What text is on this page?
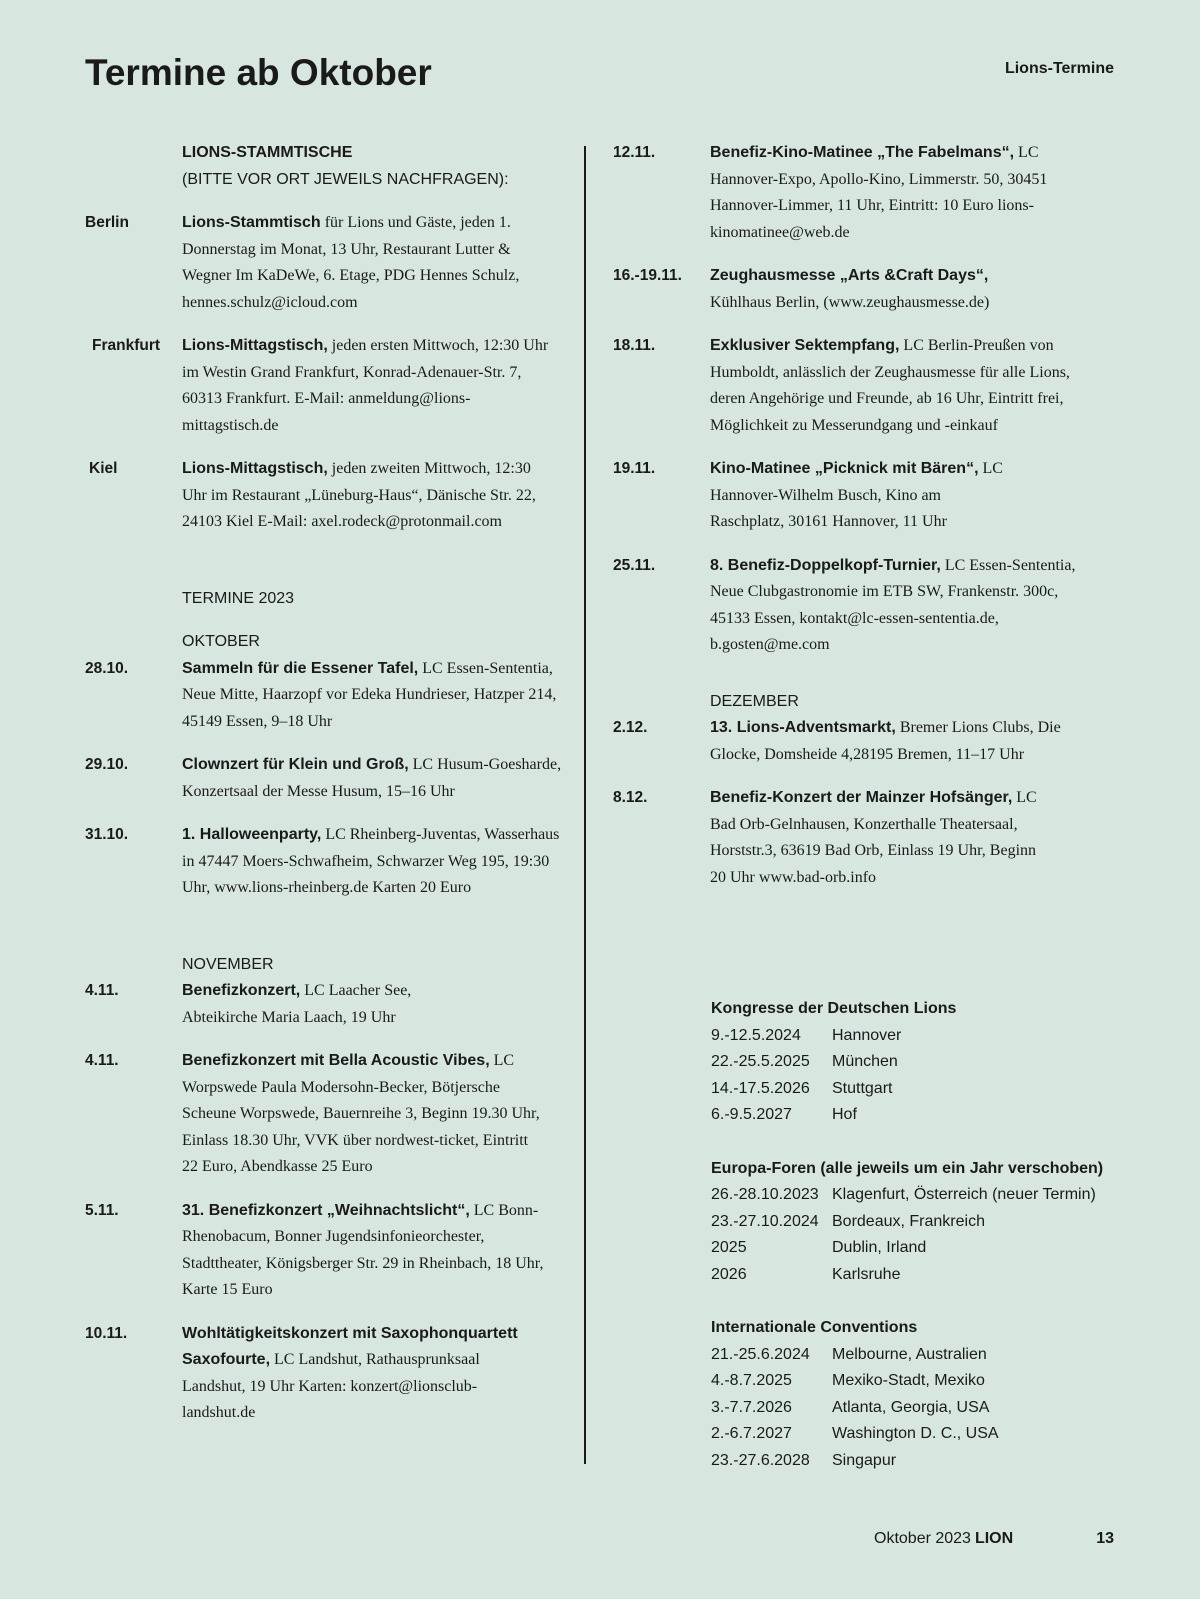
Termine ab Oktober	Lions-Termine
LIONS-STAMMTISCHE
(BITTE VOR ORT JEWEILS NACHFRAGEN):
Berlin	Lions-Stammtisch für Lions und Gäste, jeden 1. Donnerstag im Monat, 13 Uhr, Restaurant Lutter & Wegner Im KaDeWe, 6. Etage, PDG Hennes Schulz, hennes.schulz@icloud.com
Frankfurt	Lions-Mittagstisch, jeden ersten Mittwoch, 12:30 Uhr im Westin Grand Frankfurt, Konrad-Adenauer-Str. 7, 60313 Frankfurt. E-Mail: anmeldung@lions-mittagstisch.de
Kiel	Lions-Mittagstisch, jeden zweiten Mittwoch, 12:30 Uhr im Restaurant „Lüneburg-Haus“, Dänische Str. 22, 24103 Kiel E-Mail: axel.rodeck@protonmail.com
TERMINE 2023
OKTOBER
28.10.	Sammeln für die Essener Tafel, LC Essen-Sententia, Neue Mitte, Haarzopf vor Edeka Hundrieser, Hatzper 214, 45149 Essen, 9–18 Uhr
29.10.	Clownzert für Klein und Groß, LC Husum-Goesharde, Konzertsaal der Messe Husum, 15–16 Uhr
31.10.	1. Halloweenparty, LC Rheinberg-Juventas, Wasserhaus in 47447 Moers-Schwafheim, Schwarzer Weg 195, 19:30 Uhr, www.lions-rheinberg.de Karten 20 Euro
NOVEMBER
4.11.	Benefizkonzert, LC Laacher See, Abteikirche Maria Laach, 19 Uhr
4.11.	Benefizkonzert mit Bella Acoustic Vibes, LC Worpswede Paula Modersohn-Becker, Bötjersche Scheune Worpswede, Bauernreihe 3, Beginn 19.30 Uhr, Einlass 18.30 Uhr, VVK über nordwest-ticket, Eintritt 22 Euro, Abendkasse 25 Euro
5.11.	31. Benefizkonzert „Weihnachtslicht“, LC Bonn-Rhenobacum, Bonner Jugendsinfonieorchester, Stadttheater, Königsberger Str. 29 in Rheinbach, 18 Uhr, Karte 15 Euro
10.11.	Wohltätigkeitskonzert mit Saxophonquartett Saxofourte, LC Landshut, Rathausprunksaal Landshut, 19 Uhr Karten: konzert@lionsclub-landshut.de
12.11.	Benefiz-Kino-Matinee „The Fabelmans“, LC Hannover-Expo, Apollo-Kino, Limmerstr. 50, 30451 Hannover-Limmer, 11 Uhr, Eintritt: 10 Euro lions-kinomatinee@web.de
16.-19.11.	Zeughausmesse „Arts &Craft Days“, Kühlhaus Berlin, (www.zeughausmesse.de)
18.11.	Exklusiver Sektempfang, LC Berlin-Preußen von Humboldt, anlässlich der Zeughausmesse für alle Lions, deren Angehörige und Freunde, ab 16 Uhr, Eintritt frei, Möglichkeit zu Messerundgang und -einkauf
19.11.	Kino-Matinee „Picknick mit Bären“, LC Hannover-Wilhelm Busch, Kino am Raschplatz, 30161 Hannover, 11 Uhr
25.11.	8. Benefiz-Doppelkopf-Turnier, LC Essen-Sententia, Neue Clubgastronomie im ETB SW, Frankenstr. 300c, 45133 Essen, kontakt@lc-essen-sententia.de, b.gosten@me.com
DEZEMBER
2.12.	13. Lions-Adventsmarkt, Bremer Lions Clubs, Die Glocke, Domsheide 4,28195 Bremen, 11–17 Uhr
8.12.	Benefiz-Konzert der Mainzer Hofsänger, LC Bad Orb-Gelnhausen, Konzerthalle Theatersaal, Horststr.3, 63619 Bad Orb, Einlass 19 Uhr, Beginn 20 Uhr www.bad-orb.info
Kongresse der Deutschen Lions
9.-12.5.2024 Hannover
22.-25.5.2025 München
14.-17.5.2026 Stuttgart
6.-9.5.2027	Hof
Europa-Foren (alle jeweils um ein Jahr verschoben)
26.-28.10.2023 Klagenfurt, Österreich (neuer Termin)
23.-27.10.2024 Bordeaux, Frankreich
2025	Dublin, Irland
2026	Karlsruhe
Internationale Conventions
21.-25.6.2024 Melbourne, Australien
4.-8.7.2025	Mexiko-Stadt, Mexiko
3.-7.7.2026	Atlanta, Georgia, USA
2.-6.7.2027	Washington D. C., USA
23.-27.6.2028 Singapur
Oktober 2023 LION	13
